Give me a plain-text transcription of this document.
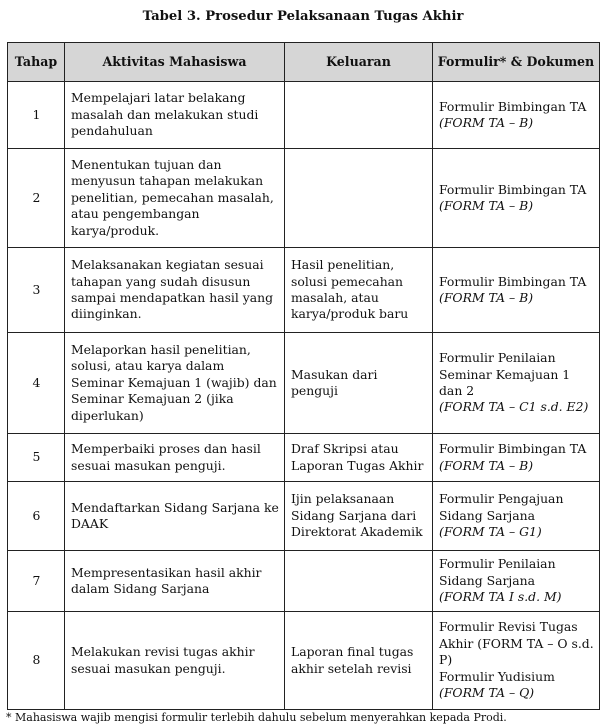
Tabel 3. Prosedur Pelaksanaan Tugas Akhir
Tahap	Aktivitas Mahasiswa	Keluaran	Formulir* & Dokumen
1	Mempelajari latar belakang masalah dan melakukan studi pendahuluan		Formulir Bimbingan TA
(FORM TA – B)

2	Menentukan tujuan dan menyusun tahapan melakukan penelitian, pemecahan masalah, atau pengembangan karya/produk.		Formulir Bimbingan TA
(FORM TA – B)

3	Melaksanakan kegiatan sesuai tahapan yang sudah disusun sampai mendapatkan hasil yang diinginkan.	Hasil penelitian, solusi pemecahan masalah, atau karya/produk baru	Formulir Bimbingan TA
(FORM TA – B)

4	Melaporkan hasil penelitian, solusi, atau karya dalam Seminar Kemajuan 1 (wajib) dan Seminar Kemajuan 2 (jika diperlukan)	Masukan dari penguji	Formulir Penilaian Seminar Kemajuan 1 dan 2
(FORM TA – C1 s.d. E2)

5	Memperbaiki proses dan hasil sesuai masukan penguji.	Draf Skripsi atau Laporan Tugas Akhir	Formulir Bimbingan TA
(FORM TA – B)

6	Mendaftarkan Sidang Sarjana ke DAAK	Ijin pelaksanaan Sidang Sarjana dari Direktorat Akademik	Formulir Pengajuan Sidang Sarjana
(FORM TA – G1)

7	Mempresentasikan hasil akhir dalam Sidang Sarjana		Formulir Penilaian Sidang Sarjana
(FORM TA I s.d. M)

8	Melakukan revisi tugas akhir sesuai masukan penguji.	Laporan final tugas akhir setelah revisi	Formulir Revisi Tugas Akhir (FORM TA – O s.d. P)
Formulir Yudisium
(FORM TA – Q)
* Mahasiswa wajib mengisi formulir terlebih dahulu sebelum menyerahkan kepada Prodi.
